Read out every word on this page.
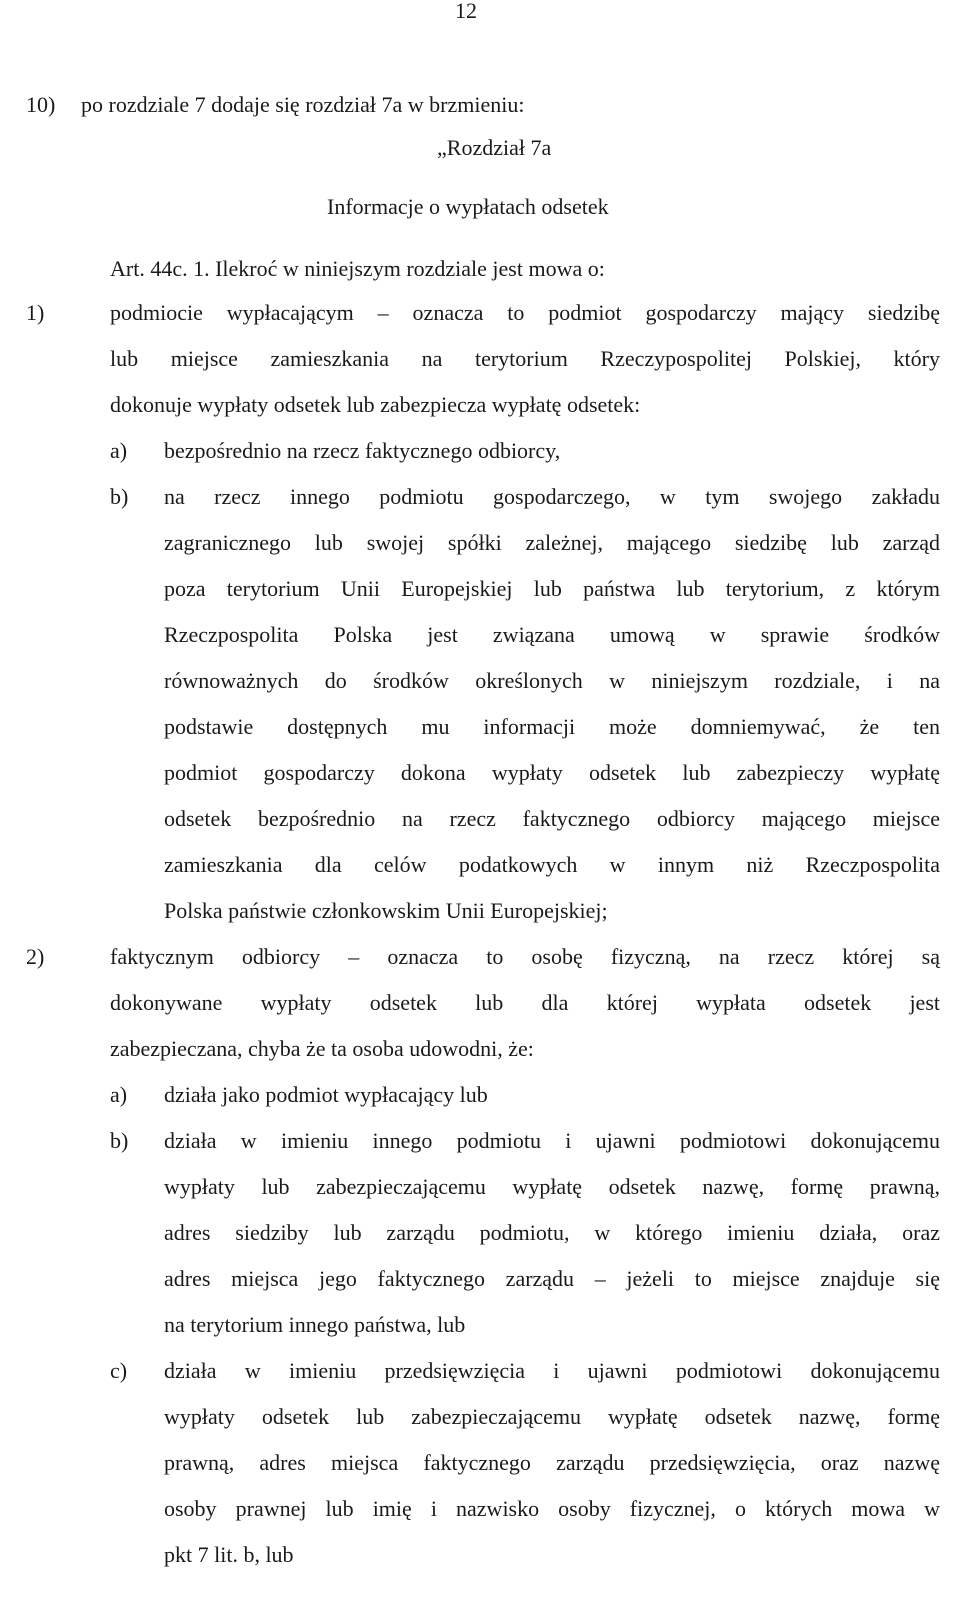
12
10) po rozdziale 7 dodaje się rozdział 7a w brzmieniu:
„Rozdział 7a
Informacje o wypłatach odsetek
Art. 44c. 1. Ilekroć w niniejszym rozdziale jest mowa o:
1)	podmiocie wypłacającym – oznacza to podmiot gospodarczy mający siedzibę
lub miejsce zamieszkania na terytorium Rzeczypospolitej Polskiej, który
dokonuje wypłaty odsetek lub zabezpiecza wypłatę odsetek:
a) bezpośrednio na rzecz faktycznego odbiorcy,
b) na rzecz innego podmiotu gospodarczego, w tym swojego zakładu
zagranicznego lub swojej spółki zależnej, mającego siedzibę lub zarząd
poza terytorium Unii Europejskiej lub państwa lub terytorium, z którym
Rzeczpospolita Polska jest związana umową w sprawie środków
równoważnych do środków określonych w niniejszym rozdziale, i na
podstawie dostępnych mu informacji może domniemywać, że ten
podmiot gospodarczy dokona wypłaty odsetek lub zabezpieczy wypłatę
odsetek bezpośrednio na rzecz faktycznego odbiorcy mającego miejsce
zamieszkania dla celów podatkowych w innym niż Rzeczpospolita
Polska państwie członkowskim Unii Europejskiej;
2)	faktycznym odbiorcy – oznacza to osobę fizyczną, na rzecz której są
dokonywane wypłaty odsetek lub dla której wypłata odsetek jest
zabezpieczana, chyba że ta osoba udowodni, że:
a) działa jako podmiot wypłacający lub
b) działa w imieniu innego podmiotu i ujawni podmiotowi dokonującemu
wypłaty lub zabezpieczającemu wypłatę odsetek nazwę, formę prawną,
adres siedziby lub zarządu podmiotu, w którego imieniu działa, oraz
adres miejsca jego faktycznego zarządu – jeżeli to miejsce znajduje się
na terytorium innego państwa, lub
c) działa w imieniu przedsięwzięcia i ujawni podmiotowi dokonującemu
wypłaty odsetek lub zabezpieczającemu wypłatę odsetek nazwę, formę
prawną, adres miejsca faktycznego zarządu przedsięwzięcia, oraz nazwę
osoby prawnej lub imię i nazwisko osoby fizycznej, o których mowa w
pkt 7 lit. b, lub
